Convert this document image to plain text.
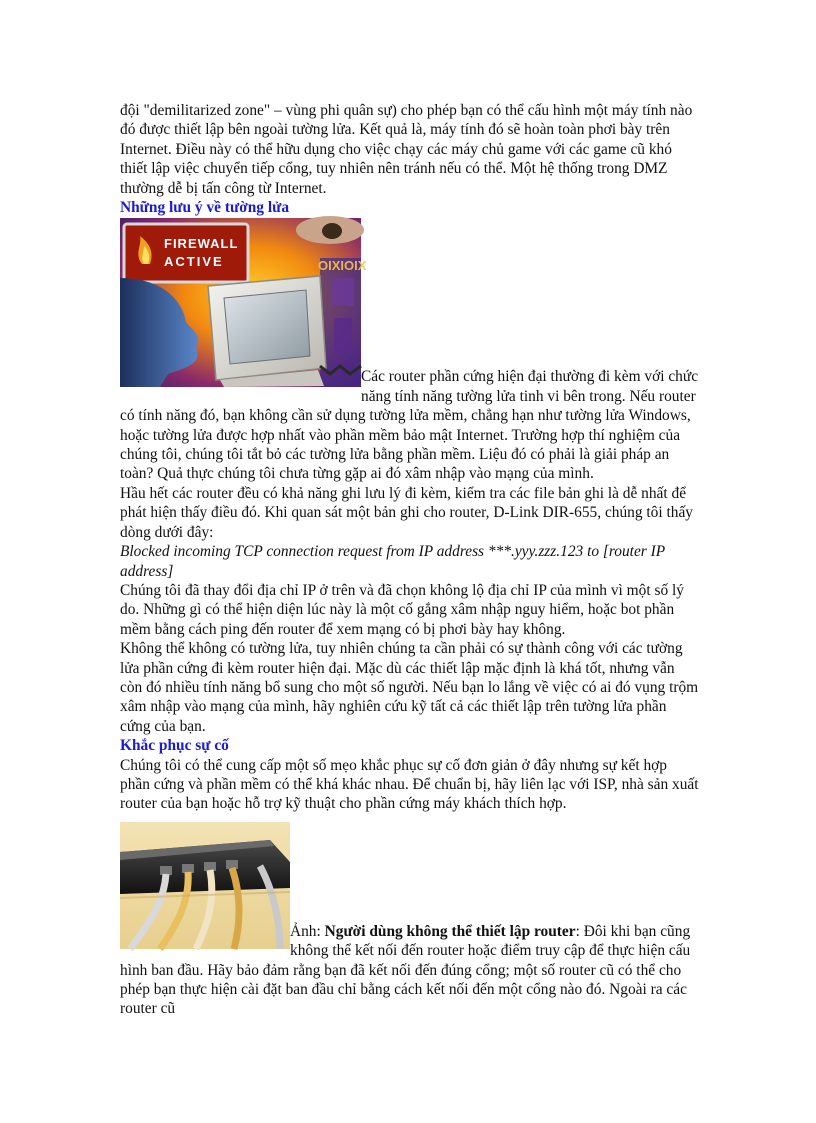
đội "demilitarized zone" – vùng phi quân sự) cho phép bạn có thể cấu hình một máy tính nào đó được thiết lập bên ngoài tường lửa. Kết quả là, máy tính đó sẽ hoàn toàn phơi bày trên Internet. Điều này có thể hữu dụng cho việc chạy các máy chủ game với các game cũ khó thiết lập việc chuyển tiếp cổng, tuy nhiên nên tránh nếu có thể. Một hệ thống trong DMZ thường dễ bị tấn công từ Internet.

Những lưu ý về tường lửa

OIXIOIX
FIREWALL
ACTIVE

Các router phần cứng hiện đại thường đi kèm với chức năng tính năng tường lửa tinh vi bên trong. Nếu router có tính năng đó, bạn không cần sử dụng tường lửa mềm, chẳng hạn như tường lửa Windows, hoặc tường lửa được hợp nhất vào phần mềm bảo mật Internet. Trường hợp thí nghiệm của chúng tôi, chúng tôi tắt bỏ các tường lửa bằng phần mềm. Liệu đó có phải là giải pháp an toàn? Quả thực chúng tôi chưa từng gặp ai đó xâm nhập vào mạng của mình.

Hầu hết các router đều có khả năng ghi lưu lý đi kèm, kiểm tra các file bản ghi là dễ nhất để phát hiện thấy điều đó. Khi quan sát một bản ghi cho router, D-Link DIR-655, chúng tôi thấy dòng dưới đây:

Blocked incoming TCP connection request from IP address ***.yyy.zzz.123 to [router IP address]

Chúng tôi đã thay đổi địa chỉ IP ở trên và đã chọn không lộ địa chỉ IP của mình vì một số lý do. Những gì có thể hiện diện lúc này là một cố gắng xâm nhập nguy hiểm, hoặc bot phần mềm bằng cách ping đến router để xem mạng có bị phơi bày hay không.

Không thể không có tường lửa, tuy nhiên chúng ta cần phải có sự thành công với các tường lửa phần cứng đi kèm router hiện đại. Mặc dù các thiết lập mặc định là khá tốt, nhưng vẫn còn đó nhiều tính năng bổ sung cho một số người. Nếu bạn lo lắng về việc có ai đó vụng trộm xâm nhập vào mạng của mình, hãy nghiên cứu kỹ tất cả các thiết lập trên tường lửa phần cứng của bạn.

Khắc phục sự cố

Chúng tôi có thể cung cấp một số mẹo khắc phục sự cố đơn giản ở đây nhưng sự kết hợp phần cứng và phần mềm có thể khá khác nhau. Để chuẩn bị, hãy liên lạc với ISP, nhà sản xuất router của bạn hoặc hỗ trợ kỹ thuật cho phần cứng máy khách thích hợp.

Ảnh: Người dùng không thể thiết lập router: Đôi khi bạn cũng không thể kết nối đến router hoặc điểm truy cập để thực hiện cấu hình ban đầu. Hãy bảo đảm rằng bạn đã kết nối đến đúng cổng; một số router cũ có thể cho phép bạn thực hiện cài đặt ban đầu chỉ bằng cách kết nối đến một cổng nào đó. Ngoài ra các router cũ
